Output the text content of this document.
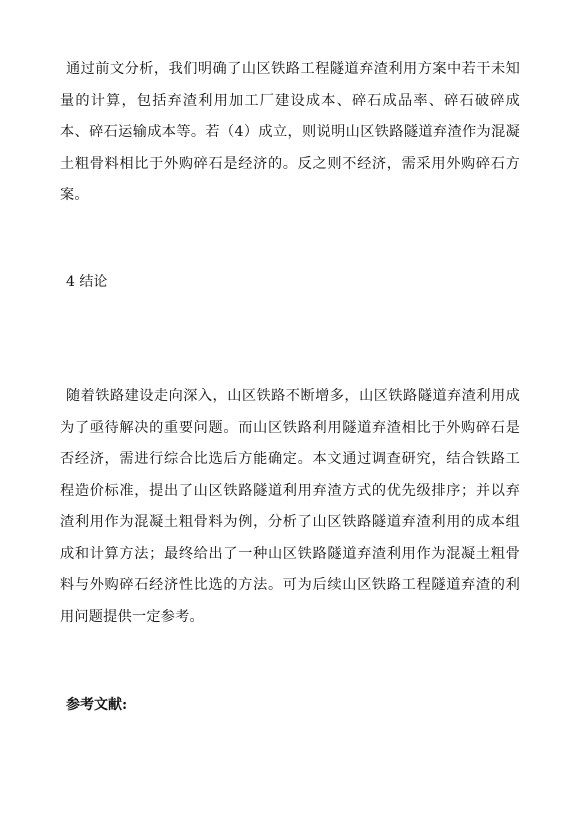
通过前文分析，我们明确了山区铁路工程隧道弃渣利用方案中若干未知量的计算，包括弃渣利用加工厂建设成本、碎石成品率、碎石破碎成本、碎石运输成本等。若（4）成立，则说明山区铁路隧道弃渣作为混凝土粗骨料相比于外购碎石是经济的。反之则不经济，需采用外购碎石方案。

4 结论

随着铁路建设走向深入，山区铁路不断增多，山区铁路隧道弃渣利用成为了亟待解决的重要问题。而山区铁路利用隧道弃渣相比于外购碎石是否经济，需进行综合比选后方能确定。本文通过调查研究，结合铁路工程造价标准，提出了山区铁路隧道利用弃渣方式的优先级排序；并以弃渣利用作为混凝土粗骨料为例，分析了山区铁路隧道弃渣利用的成本组成和计算方法；最终给出了一种山区铁路隧道弃渣利用作为混凝土粗骨料与外购碎石经济性比选的方法。可为后续山区铁路工程隧道弃渣的利用问题提供一定参考。

参考文献:
